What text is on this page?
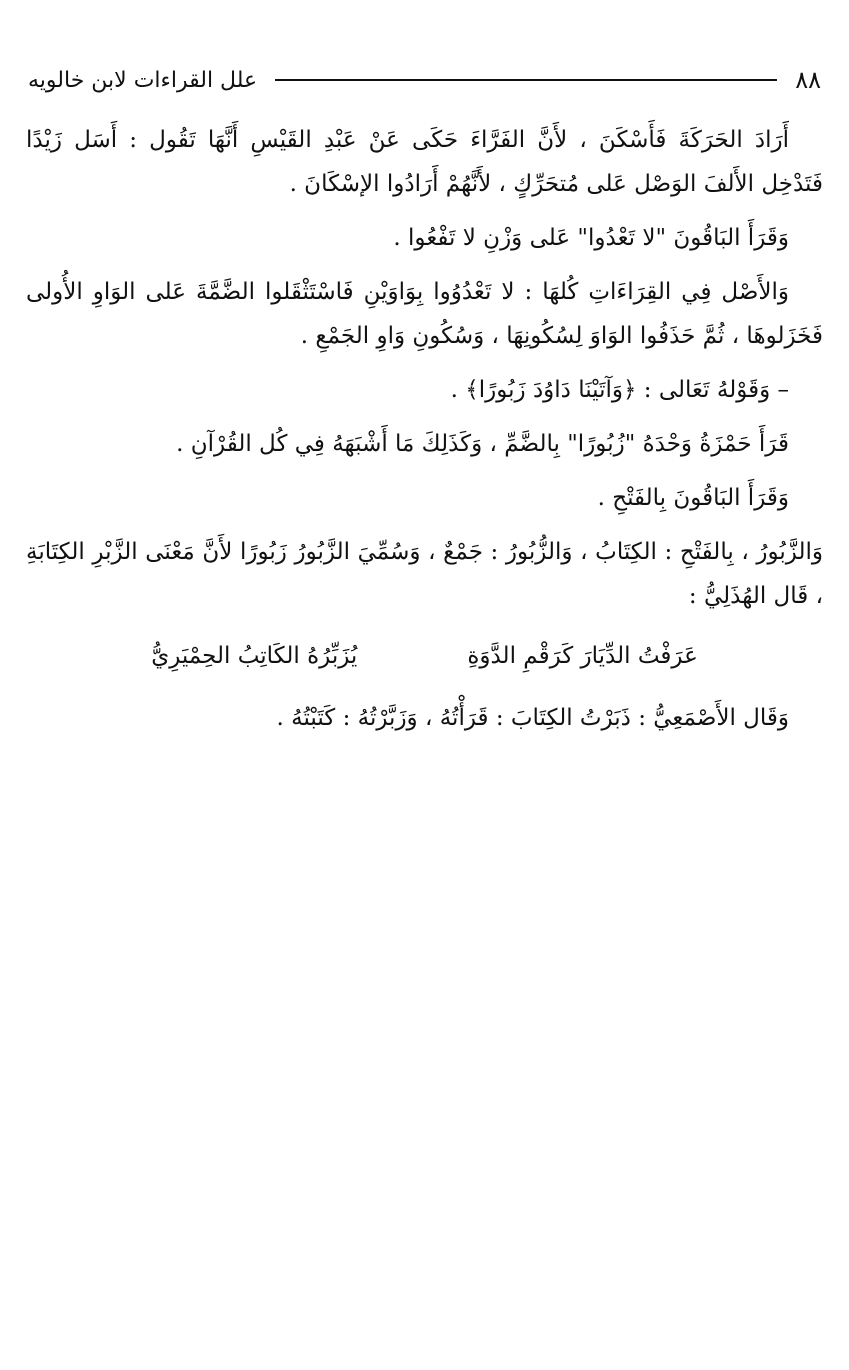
٨٨
علل القراءات لابن خالويه

أَرَادَ الحَرَكَةَ فَأَسْكَنَ ، لأَنَّ الفَرَّاءَ حَكَى عَنْ عَبْدِ القَيْسِ أَنَّهَا تَقُول : أَسَل زَيْدًا فَتَدْخِل الأَلفَ الوَصْل عَلى مُتحَرِّكٍ ، لأَنَّهُمْ أَرَادُوا الإسْكَانَ .

وَقَرَأَ البَاقُونَ "لا تَعْدُوا" عَلى وَزْنِ لا تَفْعُوا .

وَالأَصْل فِي القِرَاءَاتِ كُلهَا : لا تَعْدُوُوا بِوَاوَيْنِ فَاسْتَثْقَلوا الضَّمَّةَ عَلى الوَاوِ الأُولى فَخَزَلوهَا ، ثُمَّ حَذَفُوا الوَاوَ لِسُكُونِهَا ، وَسُكُونِ وَاوِ الجَمْعِ .

– وَقَوْلهُ تَعَالى : ﴿وَآتَيْنَا دَاوُدَ زَبُورًا﴾ .

قَرَأَ حَمْزَةُ وَحْدَهُ "زُبُورًا" بِالضَّمِّ ، وَكَذَلِكَ مَا أَشْبَهَهُ فِي كُل القُرْآنِ .

وَقَرَأَ البَاقُونَ بِالفَتْحِ .

وَالزَّبُورُ ، بِالفَتْحِ : الكِتَابُ ، وَالزُّبُورُ : جَمْعٌ ، وَسُمِّيَ الزَّبُورُ زَبُورًا لأَنَّ مَعْنَى الزَّبْرِ الكِتَابَةِ ، قَال الهُذَلِيُّ :

عَرَفْتُ الدِّيَارَ كَرَقْمِ الدَّوَةِ
يُزَبِّرُهُ الكَاتِبُ الحِمْيَرِيُّ

وَقَال الأَصْمَعِيُّ : ذَبَرْتُ الكِتَابَ : قَرَأْتُهُ ، وَزَبَّرْتُهُ : كَتَبْتُهُ .
